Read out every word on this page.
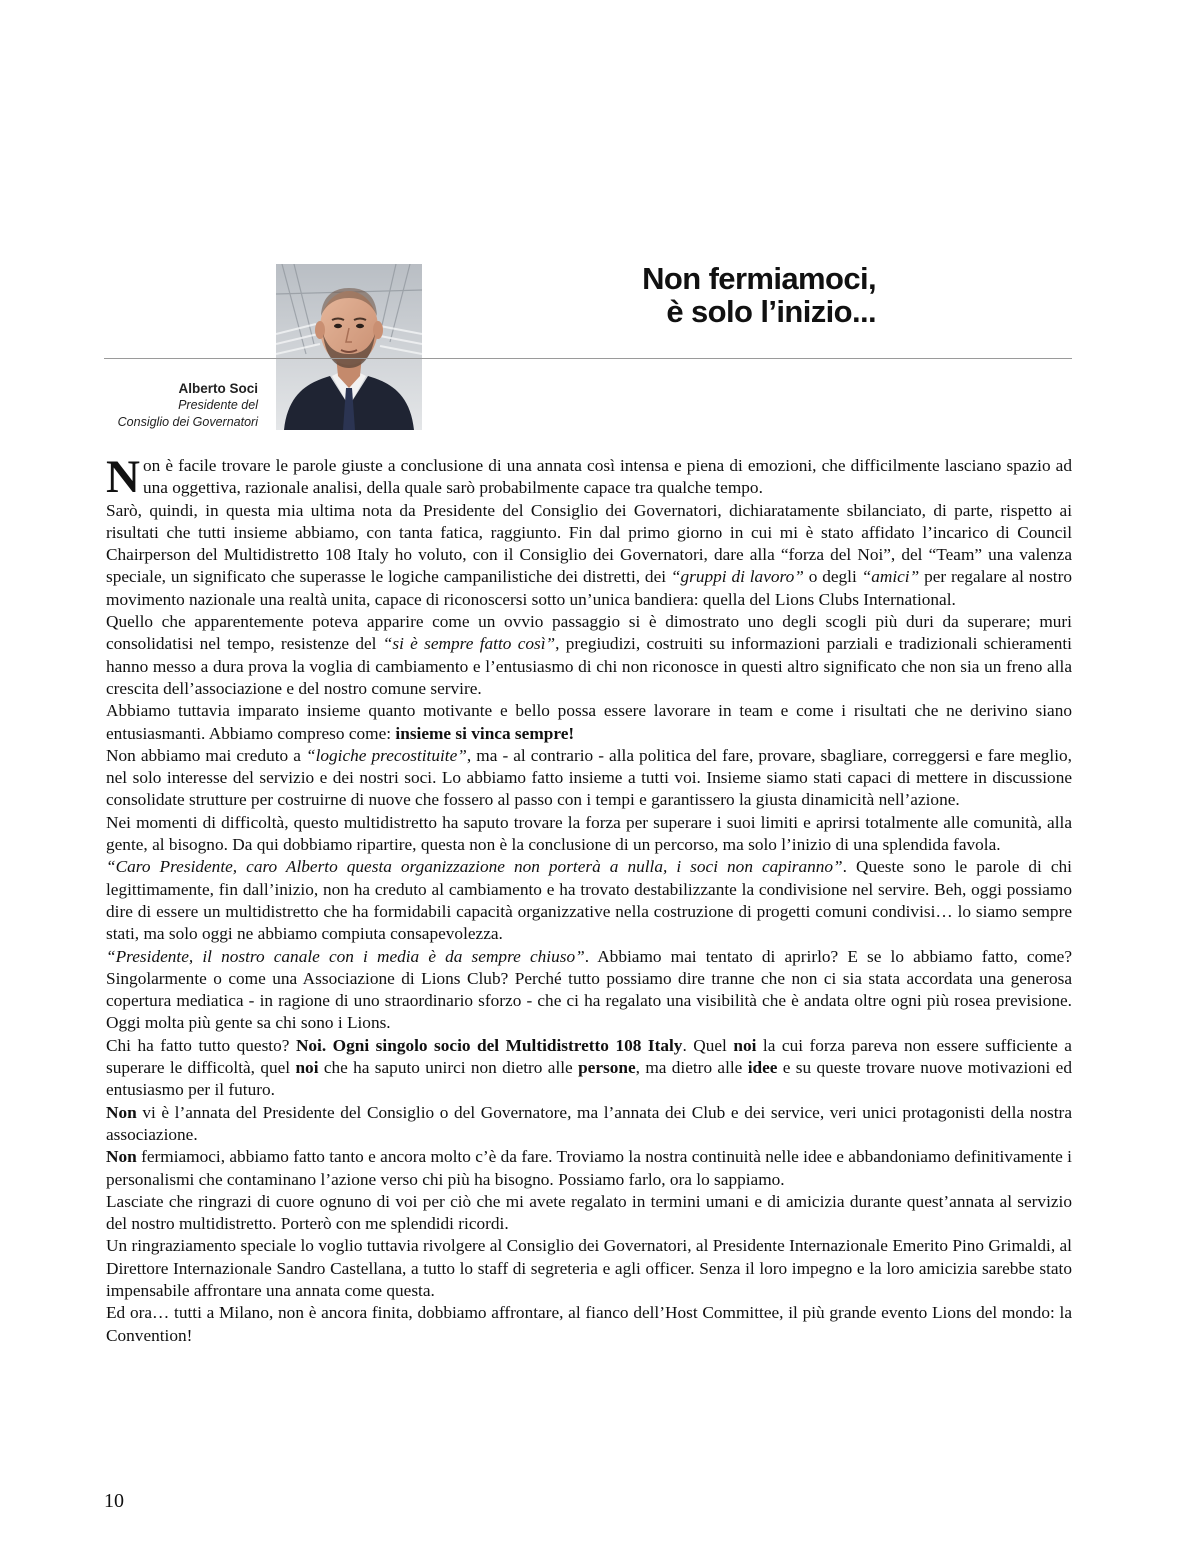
Non fermiamoci,
è solo l’inizio...
Alberto Soci
Presidente del
Consiglio dei Governatori

Non è facile trovare le parole giuste a conclusione di una annata così intensa e piena di emozioni, che difficilmente lasciano spazio ad una oggettiva, razionale analisi, della quale sarò probabilmente capace tra qualche tempo.

Sarò, quindi, in questa mia ultima nota da Presidente del Consiglio dei Governatori, dichiaratamente sbilanciato, di parte, rispetto ai risultati che tutti insieme abbiamo, con tanta fatica, raggiunto. Fin dal primo giorno in cui mi è stato affidato l’incarico di Council Chairperson del Multidistretto 108 Italy ho voluto, con il Consiglio dei Governatori, dare alla “forza del Noi”, del “Team” una valenza speciale, un significato che superasse le logiche campanilistiche dei distretti, dei “gruppi di lavoro” o degli “amici” per regalare al nostro movimento nazionale una realtà unita, capace di riconoscersi sotto un’unica bandiera: quella del Lions Clubs International.

Quello che apparentemente poteva apparire come un ovvio passaggio si è dimostrato uno degli scogli più duri da superare; muri consolidatisi nel tempo, resistenze del “si è sempre fatto così”, pregiudizi, costruiti su informazioni parziali e tradizionali schieramenti hanno messo a dura prova la voglia di cambiamento e l’entusiasmo di chi non riconosce in questi altro significato che non sia un freno alla crescita dell’associazione e del nostro comune servire.

Abbiamo tuttavia imparato insieme quanto motivante e bello possa essere lavorare in team e come i risultati che ne derivino siano entusiasmanti. Abbiamo compreso come: insieme si vinca sempre!

Non abbiamo mai creduto a “logiche precostituite”, ma - al contrario - alla politica del fare, provare, sbagliare, correggersi e fare meglio, nel solo interesse del servizio e dei nostri soci. Lo abbiamo fatto insieme a tutti voi. Insieme siamo stati capaci di mettere in discussione consolidate strutture per costruirne di nuove che fossero al passo con i tempi e garantissero la giusta dinamicità nell’azione.

Nei momenti di difficoltà, questo multidistretto ha saputo trovare la forza per superare i suoi limiti e aprirsi totalmente alle comunità, alla gente, al bisogno. Da qui dobbiamo ripartire, questa non è la conclusione di un percorso, ma solo l’inizio di una splendida favola.

“Caro Presidente, caro Alberto questa organizzazione non porterà a nulla, i soci non capiranno”. Queste sono le parole di chi legittimamente, fin dall’inizio, non ha creduto al cambiamento e ha trovato destabilizzante la condivisione nel servire. Beh, oggi possiamo dire di essere un multidistretto che ha formidabili capacità organizzative nella costruzione di progetti comuni condivisi… lo siamo sempre stati, ma solo oggi ne abbiamo compiuta consapevolezza.

“Presidente, il nostro canale con i media è da sempre chiuso”. Abbiamo mai tentato di aprirlo? E se lo abbiamo fatto, come? Singolarmente o come una Associazione di Lions Club? Perché tutto possiamo dire tranne che non ci sia stata accordata una generosa copertura mediatica - in ragione di uno straordinario sforzo - che ci ha regalato una visibilità che è andata oltre ogni più rosea previsione. Oggi molta più gente sa chi sono i Lions.

Chi ha fatto tutto questo? Noi. Ogni singolo socio del Multidistretto 108 Italy. Quel noi la cui forza pareva non essere sufficiente a superare le difficoltà, quel noi che ha saputo unirci non dietro alle persone, ma dietro alle idee e su queste trovare nuove motivazioni ed entusiasmo per il futuro.

Non vi è l’annata del Presidente del Consiglio o del Governatore, ma l’annata dei Club e dei service, veri unici protagonisti della nostra associazione.

Non fermiamoci, abbiamo fatto tanto e ancora molto c’è da fare. Troviamo la nostra continuità nelle idee e abbandoniamo definitivamente i personalismi che contaminano l’azione verso chi più ha bisogno. Possiamo farlo, ora lo sappiamo.

Lasciate che ringrazi di cuore ognuno di voi per ciò che mi avete regalato in termini umani e di amicizia durante quest’annata al servizio del nostro multidistretto. Porterò con me splendidi ricordi.

Un ringraziamento speciale lo voglio tuttavia rivolgere al Consiglio dei Governatori, al Presidente Internazionale Emerito Pino Grimaldi, al Direttore Internazionale Sandro Castellana, a tutto lo staff di segreteria e agli officer. Senza il loro impegno e la loro amicizia sarebbe stato impensabile affrontare una annata come questa.

Ed ora… tutti a Milano, non è ancora finita, dobbiamo affrontare, al fianco dell’Host Committee, il più grande evento Lions del mondo: la Convention!

10
